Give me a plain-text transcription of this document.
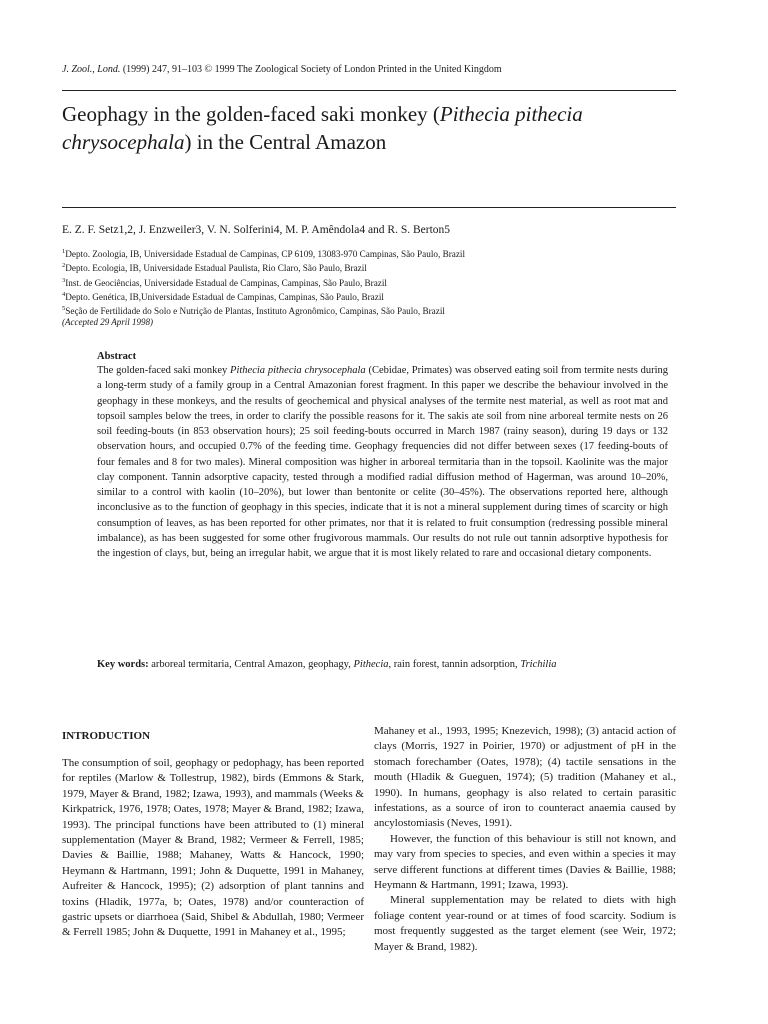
J. Zool., Lond. (1999) 247, 91–103 © 1999 The Zoological Society of London Printed in the United Kingdom
Geophagy in the golden-faced saki monkey (Pithecia pithecia chrysocephala) in the Central Amazon
E. Z. F. Setz1,2, J. Enzweiler3, V. N. Solferini4, M. P. Amêndola4 and R. S. Berton5
$^1$Depto. Zoologia, IB, Universidade Estadual de Campinas, CP 6109, 13083-970 Campinas, São Paulo, Brazil
$^2$Depto. Ecologia, IB, Universidade Estadual Paulista, Rio Claro, São Paulo, Brazil
$^3$Inst. de Geociências, Universidade Estadual de Campinas, Campinas, São Paulo, Brazil
$^4$Depto. Genética, IB,Universidade Estadual de Campinas, Campinas, São Paulo, Brazil
$^5$Seção de Fertilidade do Solo e Nutrição de Plantas, Instituto Agronômico, Campinas, São Paulo, Brazil
(Accepted 29 April 1998)
Abstract
The golden-faced saki monkey Pithecia pithecia chrysocephala (Cebidae, Primates) was observed eating soil from termite nests during a long-term study of a family group in a Central Amazonian forest fragment. In this paper we describe the behaviour involved in the geophagy in these monkeys, and the results of geochemical and physical analyses of the termite nest material, as well as root mat and topsoil samples below the trees, in order to clarify the possible reasons for it. The sakis ate soil from nine arboreal termite nests on 26 soil feeding-bouts (in 853 observation hours); 25 soil feeding-bouts occurred in March 1987 (rainy season), during 19 days or 132 observation hours, and occupied 0.7% of the feeding time. Geophagy frequencies did not differ between sexes (17 feeding-bouts of four females and 8 for two males). Mineral composition was higher in arboreal termitaria than in the topsoil. Kaolinite was the major clay component. Tannin adsorptive capacity, tested through a modified radial diffusion method of Hagerman, was around 10–20%, similar to a control with kaolin (10–20%), but lower than bentonite or celite (30–45%). The observations reported here, although inconclusive as to the function of geophagy in this species, indicate that it is not a mineral supplement during times of scarcity or high consumption of leaves, as has been reported for other primates, nor that it is related to fruit consumption (redressing possible mineral imbalance), as has been suggested for some other frugivorous mammals. Our results do not rule out tannin adsorptive hypothesis for the ingestion of clays, but, being an irregular habit, we argue that it is most likely related to rare and occasional dietary components.
Key words: arboreal termitaria, Central Amazon, geophagy, Pithecia, rain forest, tannin adsorption, Trichilia
INTRODUCTION

The consumption of soil, geophagy or pedophagy, has been reported for reptiles (Marlow & Tollestrup, 1982), birds (Emmons & Stark, 1979, Mayer & Brand, 1982; Izawa, 1993), and mammals (Weeks & Kirkpatrick, 1976, 1978; Oates, 1978; Mayer & Brand, 1982; Izawa, 1993). The principal functions have been attributed to (1) mineral supplementation (Mayer & Brand, 1982; Vermeer & Ferrell, 1985; Davies & Baillie, 1988; Mahaney, Watts & Hancock, 1990; Heymann & Hartmann, 1991; John & Duquette, 1991 in Mahaney, Aufreiter & Hancock, 1995); (2) adsorption of plant tannins and toxins (Hladik, 1977a, b; Oates, 1978) and/or counteraction of gastric upsets or diarrhoea (Said, Shibel & Abdullah, 1980; Vermeer & Ferrell 1985; John & Duquette, 1991 in Mahaney et al., 1995;

Mahaney et al., 1993, 1995; Knezevich, 1998); (3) antacid action of clays (Morris, 1927 in Poirier, 1970) or adjustment of pH in the stomach forechamber (Oates, 1978); (4) tactile sensations in the mouth (Hladik & Gueguen, 1974); (5) tradition (Mahaney et al., 1990). In humans, geophagy is also related to certain parasitic infestations, as a source of iron to counteract anaemia caused by ancylostomiasis (Neves, 1991).

However, the function of this behaviour is still not known, and may vary from species to species, and even within a species it may serve different functions at different times (Davies & Baillie, 1988; Heymann & Hartmann, 1991; Izawa, 1993).

Mineral supplementation may be related to diets with high foliage content year-round or at times of food scarcity. Sodium is most frequently suggested as the target element (see Weir, 1972; Mayer & Brand, 1982).
